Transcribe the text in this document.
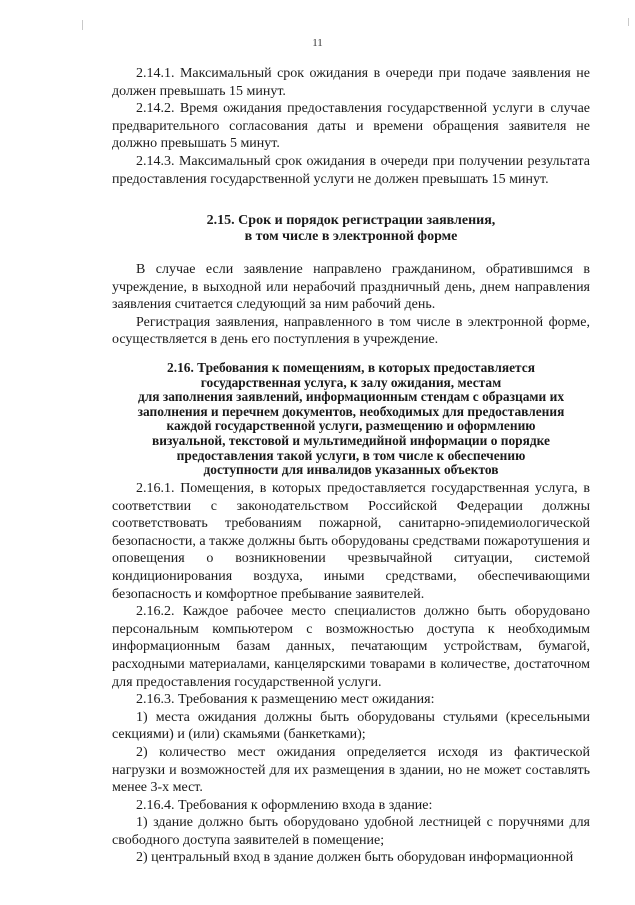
11

2.14.1. Максимальный срок ожидания в очереди при подаче заявления не должен превышать 15 минут.

2.14.2. Время ожидания предоставления государственной услуги в случае предварительного согласования даты и времени обращения заявителя не должно превышать 5 минут.

2.14.3. Максимальный срок ожидания в очереди при получении результата предоставления государственной услуги не должен превышать 15 минут.

2.15. Срок и порядок регистрации заявления,
в том числе в электронной форме

В случае если заявление направлено гражданином, обратившимся в учреждение, в выходной или нерабочий праздничный день, днем направления заявления считается следующий за ним рабочий день.

Регистрация заявления, направленного в том числе в электронной форме, осуществляется в день его поступления в учреждение.

2.16. Требования к помещениям, в которых предоставляется
государственная услуга, к залу ожидания, местам
для заполнения заявлений, информационным стендам с образцами их
заполнения и перечнем документов, необходимых для предоставления
каждой государственной услуги, размещению и оформлению
визуальной, текстовой и мультимедийной информации о порядке
предоставления такой услуги, в том числе к обеспечению
доступности для инвалидов указанных объектов

2.16.1. Помещения, в которых предоставляется государственная услуга, в соответствии с законодательством Российской Федерации должны соответствовать требованиям пожарной, санитарно-эпидемиологической безопасности, а также должны быть оборудованы средствами пожаротушения и оповещения о возникновении чрезвычайной ситуации, системой кондиционирования воздуха, иными средствами, обеспечивающими безопасность и комфортное пребывание заявителей.

2.16.2. Каждое рабочее место специалистов должно быть оборудовано персональным компьютером с возможностью доступа к необходимым информационным базам данных, печатающим устройствам, бумагой, расходными материалами, канцелярскими товарами в количестве, достаточном для предоставления государственной услуги.

2.16.3. Требования к размещению мест ожидания:

1) места ожидания должны быть оборудованы стульями (кресельными секциями) и (или) скамьями (банкетками);

2) количество мест ожидания определяется исходя из фактической нагрузки и возможностей для их размещения в здании, но не может составлять менее 3-х мест.

2.16.4. Требования к оформлению входа в здание:

1) здание должно быть оборудовано удобной лестницей с поручнями для свободного доступа заявителей в помещение;

2) центральный вход в здание должен быть оборудован информационной
